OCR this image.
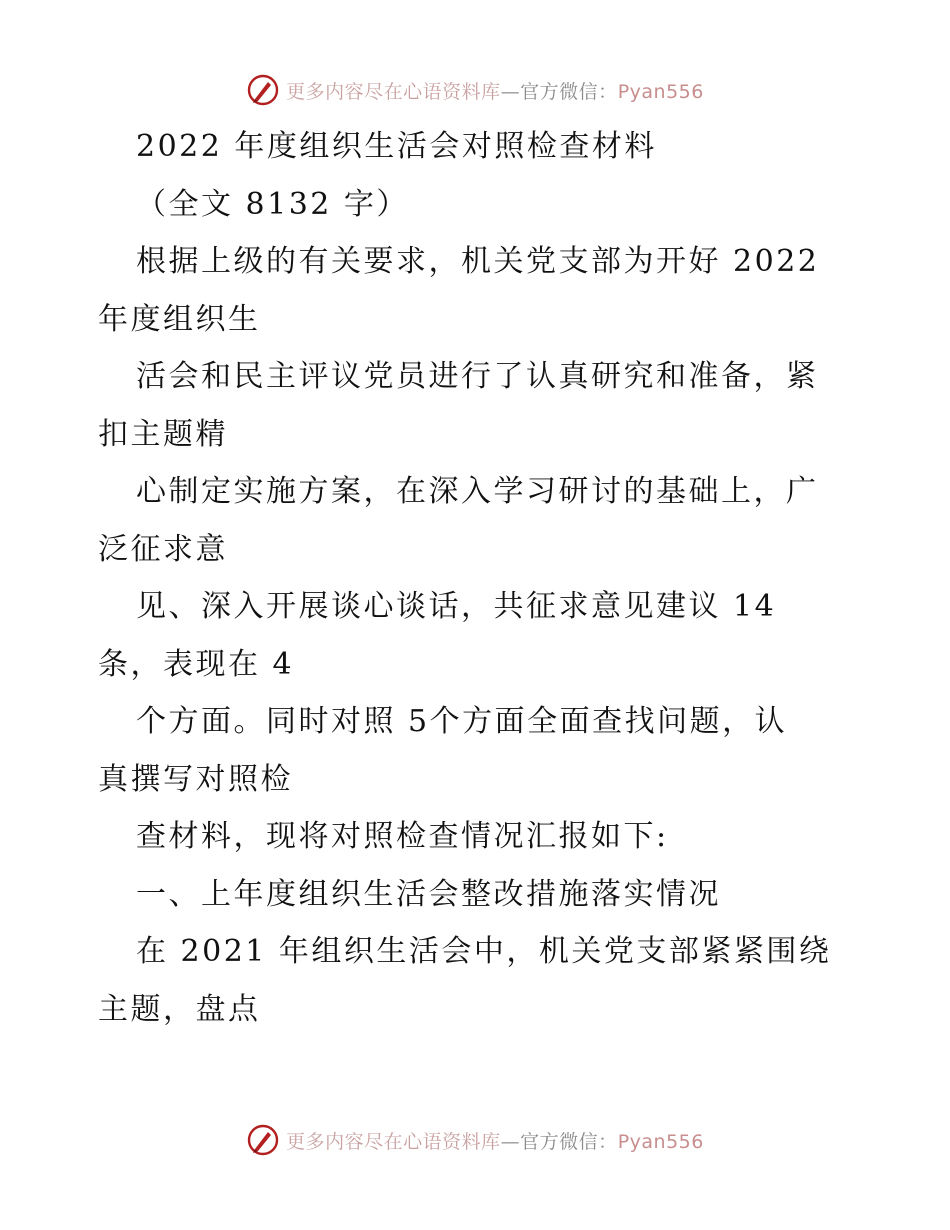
更多内容尽在心语资料库—官方微信：Pyan556
2022 年度组织生活会对照检查材料
（全文 8132 字）
根据上级的有关要求，机关党支部为开好 2022
年度组织生
活会和民主评议党员进行了认真研究和准备，紧
扣主题精
心制定实施方案，在深入学习研讨的基础上，广
泛征求意
见、深入开展谈心谈话，共征求意见建议 14
条，表现在 4
个方面。同时对照 5个方面全面查找问题，认
真撰写对照检
查材料，现将对照检查情况汇报如下:
一、上年度组织生活会整改措施落实情况
在 2021 年组织生活会中，机关党支部紧紧围绕
主题，盘点
更多内容尽在心语资料库—官方微信：Pyan556
